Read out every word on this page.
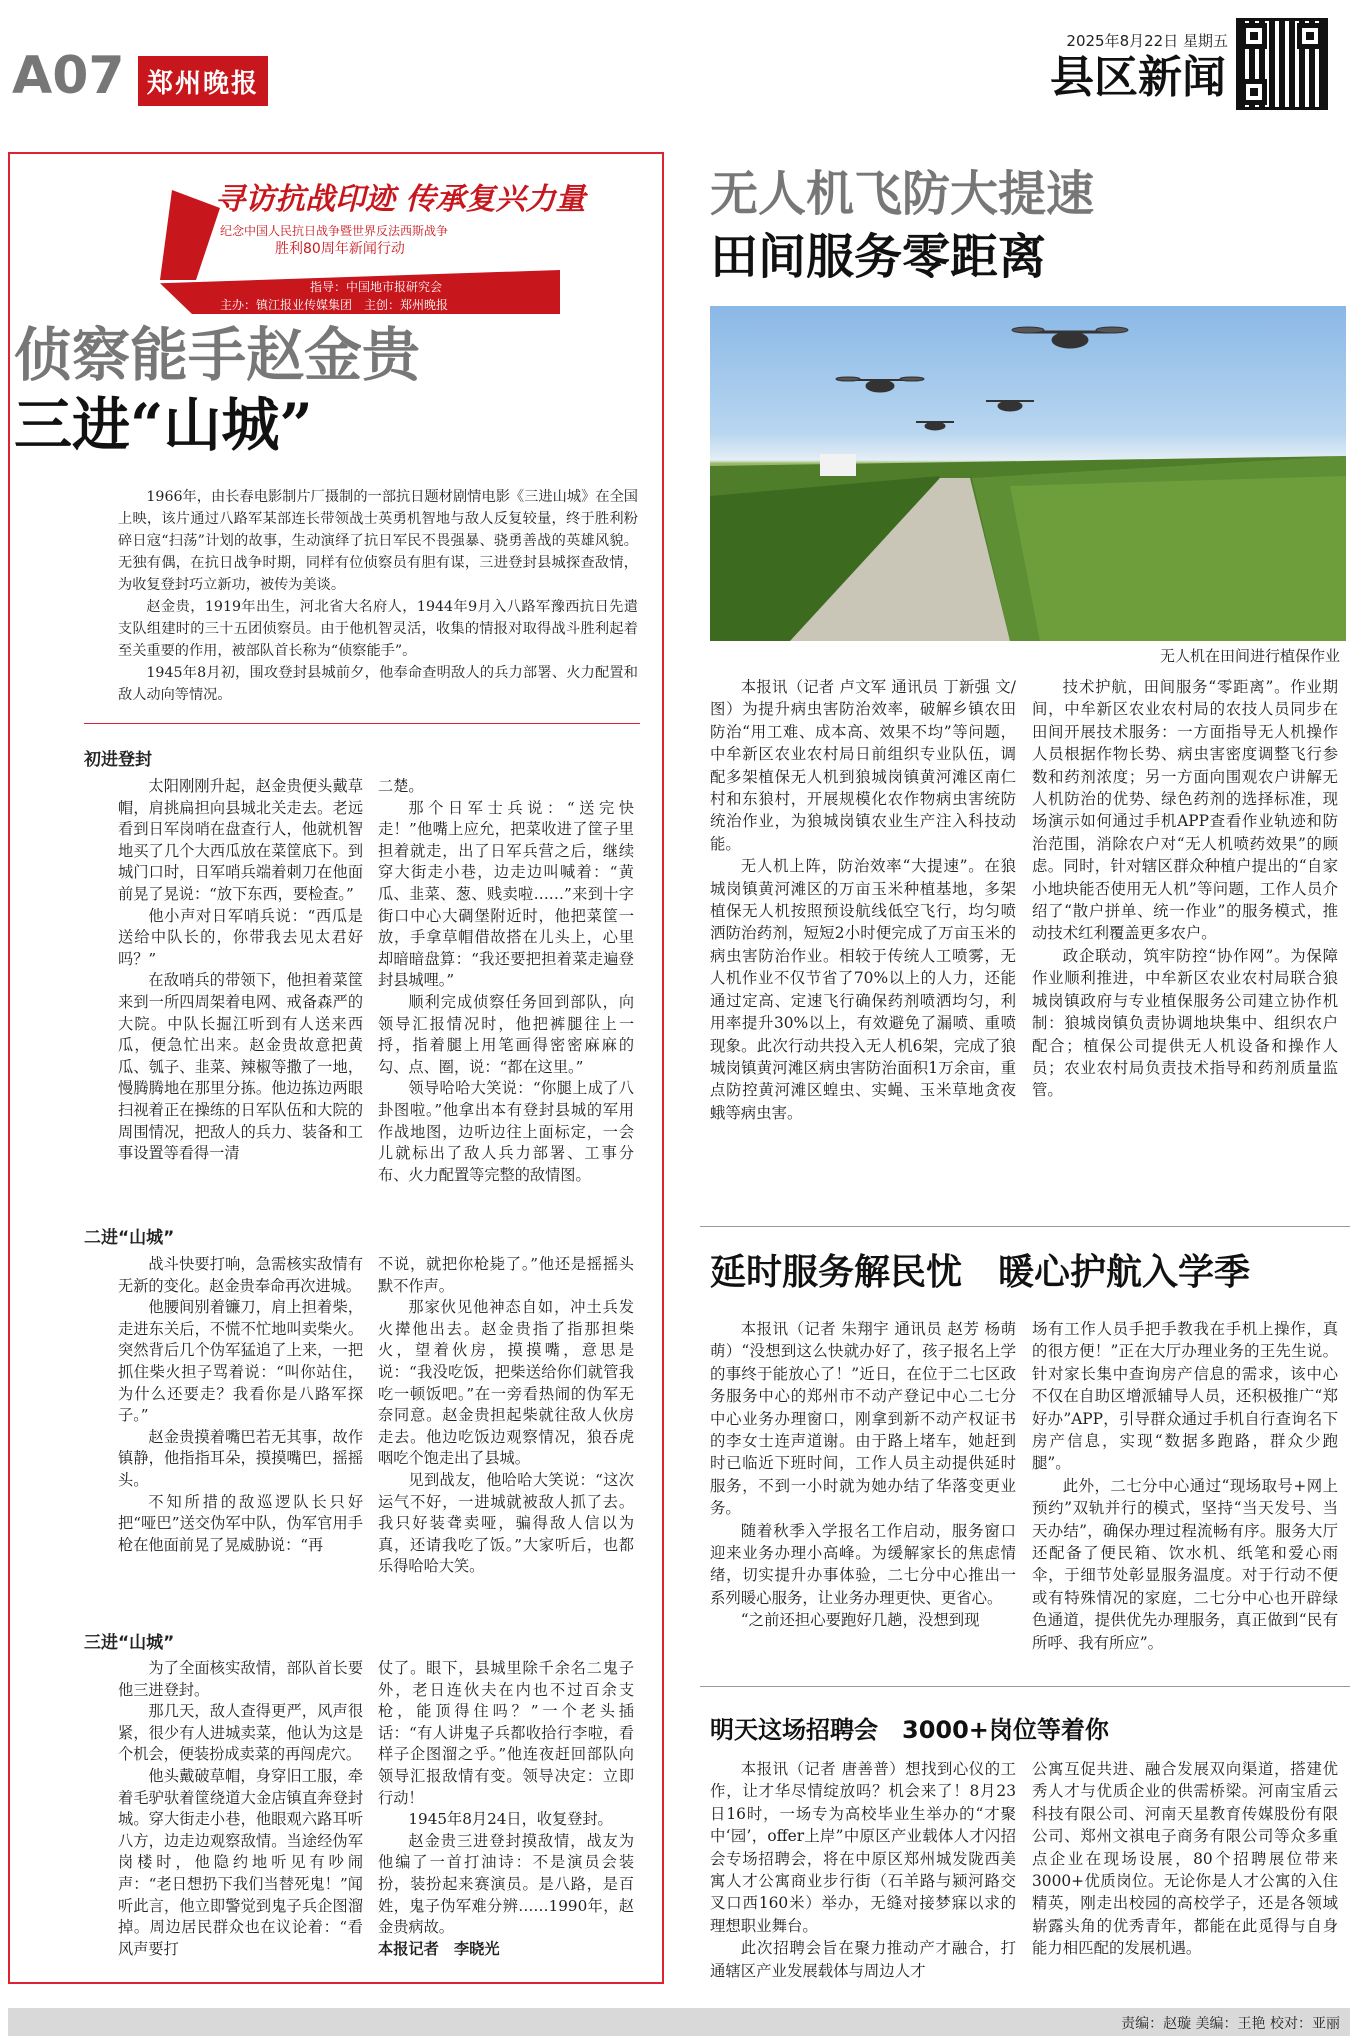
A07 郑州晚报
2025年8月22日 星期五
县区新闻
寻访抗战印迹 传承复兴力量
纪念中国人民抗日战争暨世界反法西斯战争
胜利80周年新闻行动
指导：中国地市报研究会
主办：镇江报业传媒集团　主创：郑州晚报
侦察能手赵金贵
三进“山城”

1966年，由长春电影制片厂摄制的一部抗日题材剧情电影《三进山城》在全国上映，该片通过八路军某部连长带领战士英勇机智地与敌人反复较量，终于胜利粉碎日寇“扫荡”计划的故事，生动演绎了抗日军民不畏强暴、骁勇善战的英雄风貌。无独有偶，在抗日战争时期，同样有位侦察员有胆有谋，三进登封县城探查敌情，为收复登封巧立新功，被传为美谈。

赵金贵，1919年出生，河北省大名府人，1944年9月入八路军豫西抗日先遣支队组建时的三十五团侦察员。由于他机智灵活，收集的情报对取得战斗胜利起着至关重要的作用，被部队首长称为“侦察能手”。

1945年8月初，围攻登封县城前夕，他奉命查明敌人的兵力部署、火力配置和敌人动向等情况。

初进登封

太阳刚刚升起，赵金贵便头戴草帽，肩挑扁担向县城北关走去。老远看到日军岗哨在盘查行人，他就机智地买了几个大西瓜放在菜筐底下。到城门口时，日军哨兵端着刺刀在他面前晃了晃说：“放下东西，要检查。”

他小声对日军哨兵说：“西瓜是送给中队长的，你带我去见太君好吗？”

在敌哨兵的带领下，他担着菜筐来到一所四周架着电网、戒备森严的大院。中队长掘江听到有人送来西瓜，便急忙出来。赵金贵故意把黄瓜、瓠子、韭菜、辣椒等撒了一地，慢腾腾地在那里分拣。他边拣边两眼扫视着正在操练的日军队伍和大院的周围情况，把敌人的兵力、装备和工事设置等看得一清

二楚。

那个日军士兵说：“送完快走！”他嘴上应允，把菜收进了筐子里担着就走，出了日军兵营之后，继续穿大街走小巷，边走边叫喊着：“黄瓜、韭菜、葱、贱卖啦……”来到十字街口中心大碉堡附近时，他把菜筐一放，手拿草帽借故搭在儿头上，心里却暗暗盘算：“我还要把担着菜走遍登封县城哩。”

顺利完成侦察任务回到部队，向领导汇报情况时，他把裤腿往上一捋，指着腿上用笔画得密密麻麻的勾、点、圈，说：“都在这里。”

领导哈哈大笑说：“你腿上成了八卦图啦。”他拿出本有登封县城的军用作战地图，边听边往上面标定，一会儿就标出了敌人兵力部署、工事分布、火力配置等完整的敌情图。

二进“山城”

战斗快要打响，急需核实敌情有无新的变化。赵金贵奉命再次进城。

他腰间别着镰刀，肩上担着柴，走进东关后，不慌不忙地叫卖柴火。突然背后几个伪军猛追了上来，一把抓住柴火担子骂着说：“叫你站住，为什么还要走？我看你是八路军探子。”

赵金贵摸着嘴巴若无其事，故作镇静，他指指耳朵，摸摸嘴巴，摇摇头。

不知所措的敌巡逻队长只好把“哑巴”送交伪军中队，伪军官用手枪在他面前晃了晃威胁说：“再

不说，就把你枪毙了。”他还是摇摇头默不作声。

那家伙见他神态自如，冲土兵发火撵他出去。赵金贵指了指那担柴火，望着伙房，摸摸嘴，意思是说：“我没吃饭，把柴送给你们就管我吃一顿饭吧。”在一旁看热闹的伪军无奈同意。赵金贵担起柴就往敌人伙房走去。他边吃饭边观察情况，狼吞虎咽吃个饱走出了县城。

见到战友，他哈哈大笑说：“这次运气不好，一进城就被敌人抓了去。我只好装聋卖哑，骗得敌人信以为真，还请我吃了饭。”大家听后，也都乐得哈哈大笑。

三进“山城”

为了全面核实敌情，部队首长要他三进登封。

那几天，敌人查得更严，风声很紧，很少有人进城卖菜，他认为这是个机会，便装扮成卖菜的再闯虎穴。

他头戴破草帽，身穿旧工服，牵着毛驴驮着筐绕道大金店镇直奔登封城。穿大街走小巷，他眼观六路耳听八方，边走边观察敌情。当途经伪军岗楼时，他隐约地听见有吵闹声：“老日想扔下我们当替死鬼！”闻听此言，他立即警觉到鬼子兵企图溜掉。周边居民群众也在议论着：“看风声要打

仗了。眼下，县城里除千余名二鬼子外，老日连伙夫在内也不过百余支枪，能顶得住吗？”一个老头插话：“有人讲鬼子兵都收拾行李啦，看样子企图溜之乎。”他连夜赶回部队向领导汇报敌情有变。领导决定：立即行动！

1945年8月24日，收复登封。

赵金贵三进登封摸敌情，战友为他编了一首打油诗：不是演员会装扮，装扮起来赛演员。是八路，是百姓，鬼子伪军难分辨……1990年，赵金贵病故。

本报记者　李晓光

无人机飞防大提速
田间服务零距离
无人机在田间进行植保作业

本报讯（记者 卢文军 通讯员 丁新强 文/图）为提升病虫害防治效率，破解乡镇农田防治“用工难、成本高、效果不均”等问题，中牟新区农业农村局日前组织专业队伍，调配多架植保无人机到狼城岗镇黄河滩区南仁村和东狼村，开展规模化农作物病虫害统防统治作业，为狼城岗镇农业生产注入科技动能。

无人机上阵，防治效率“大提速”。在狼城岗镇黄河滩区的万亩玉米种植基地，多架植保无人机按照预设航线低空飞行，均匀喷洒防治药剂，短短2小时便完成了万亩玉米的病虫害防治作业。相较于传统人工喷雾，无人机作业不仅节省了70%以上的人力，还能通过定高、定速飞行确保药剂喷洒均匀，利用率提升30%以上，有效避免了漏喷、重喷现象。此次行动共投入无人机6架，完成了狼城岗镇黄河滩区病虫害防治面积1万余亩，重点防控黄河滩区蝗虫、实蝇、玉米草地贪夜蛾等病虫害。

技术护航，田间服务“零距离”。作业期间，中牟新区农业农村局的农技人员同步在田间开展技术服务：一方面指导无人机操作人员根据作物长势、病虫害密度调整飞行参数和药剂浓度；另一方面向围观农户讲解无人机防治的优势、绿色药剂的选择标准，现场演示如何通过手机APP查看作业轨迹和防治范围，消除农户对“无人机喷药效果”的顾虑。同时，针对辖区群众种植户提出的“自家小地块能否使用无人机”等问题，工作人员介绍了“散户拼单、统一作业”的服务模式，推动技术红利覆盖更多农户。

政企联动，筑牢防控“协作网”。为保障作业顺利推进，中牟新区农业农村局联合狼城岗镇政府与专业植保服务公司建立协作机制：狼城岗镇负责协调地块集中、组织农户配合；植保公司提供无人机设备和操作人员；农业农村局负责技术指导和药剂质量监管。

延时服务解民忧　暖心护航入学季

本报讯（记者 朱翔宇 通讯员 赵芳 杨萌萌）“没想到这么快就办好了，孩子报名上学的事终于能放心了！”近日，在位于二七区政务服务中心的郑州市不动产登记中心二七分中心业务办理窗口，刚拿到新不动产权证书的李女士连声道谢。由于路上堵车，她赶到时已临近下班时间，工作人员主动提供延时服务，不到一小时就为她办结了华落变更业务。

随着秋季入学报名工作启动，服务窗口迎来业务办理小高峰。为缓解家长的焦虑情绪，切实提升办事体验，二七分中心推出一系列暖心服务，让业务办理更快、更省心。

“之前还担心要跑好几趟，没想到现

场有工作人员手把手教我在手机上操作，真的很方便！”正在大厅办理业务的王先生说。针对家长集中查询房产信息的需求，该中心不仅在自助区增派辅导人员，还积极推广“郑好办”APP，引导群众通过手机自行查询名下房产信息，实现“数据多跑路，群众少跑腿”。

此外，二七分中心通过“现场取号+网上预约”双轨并行的模式，坚持“当天发号、当天办结”，确保办理过程流畅有序。服务大厅还配备了便民箱、饮水机、纸笔和爱心雨伞，于细节处彰显服务温度。对于行动不便或有特殊情况的家庭，二七分中心也开辟绿色通道，提供优先办理服务，真正做到“民有所呼、我有所应”。

明天这场招聘会　3000+岗位等着你

本报讯（记者 唐善普）想找到心仪的工作，让才华尽情绽放吗？机会来了！8月23日16时，一场专为高校毕业生举办的“才聚中‘园’，offer上岸”中原区产业载体人才闪招会专场招聘会，将在中原区郑州城发陇西美寓人才公寓商业步行街（石羊路与颍河路交叉口西160米）举办，无缝对接梦寐以求的理想职业舞台。

此次招聘会旨在聚力推动产才融合，打通辖区产业发展载体与周边人才

公寓互促共进、融合发展双向渠道，搭建优秀人才与优质企业的供需桥梁。河南宝盾云科技有限公司、河南天星教育传媒股份有限公司、郑州文祺电子商务有限公司等众多重点企业在现场设展，80个招聘展位带来3000+优质岗位。无论你是人才公寓的入住精英，刚走出校园的高校学子，还是各领域崭露头角的优秀青年，都能在此觅得与自身能力相匹配的发展机遇。

责编：赵璇 美编：王艳 校对：亚丽
